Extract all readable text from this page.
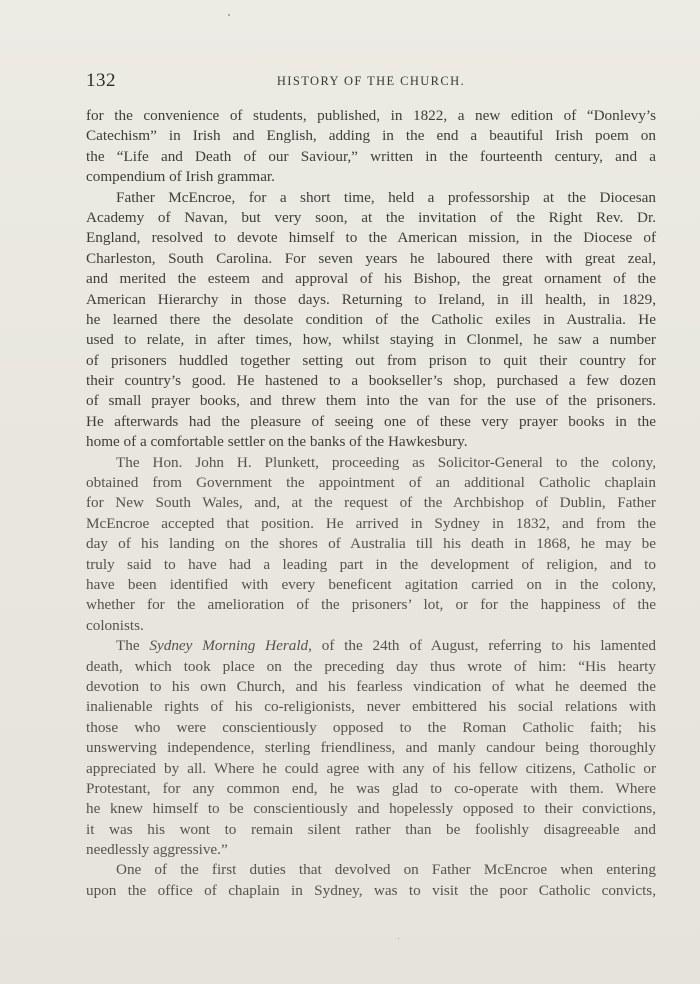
132	HISTORY OF THE CHURCH.
for the convenience of students, published, in 1822, a new edition of “Donlevy’s
Catechism” in Irish and English, adding in the end a beautiful Irish poem on
the “Life and Death of our Saviour,” written in the fourteenth century, and a
compendium of Irish grammar.
Father McEncroe, for a short time, held a professorship at the Diocesan
Academy of Navan, but very soon, at the invitation of the Right Rev. Dr.
England, resolved to devote himself to the American mission, in the Diocese of
Charleston, South Carolina. For seven years he laboured there with great zeal,
and merited the esteem and approval of his Bishop, the great ornament of the
American Hierarchy in those days. Returning to Ireland, in ill health, in 1829,
he learned there the desolate condition of the Catholic exiles in Australia. He
used to relate, in after times, how, whilst staying in Clonmel, he saw a number
of prisoners huddled together setting out from prison to quit their country for
their country’s good. He hastened to a bookseller’s shop, purchased a few dozen
of small prayer books, and threw them into the van for the use of the prisoners.
He afterwards had the pleasure of seeing one of these very prayer books in the
home of a comfortable settler on the banks of the Hawkesbury.
The Hon. John H. Plunkett, proceeding as Solicitor-General to the colony,
obtained from Government the appointment of an additional Catholic chaplain
for New South Wales, and, at the request of the Archbishop of Dublin, Father
McEncroe accepted that position. He arrived in Sydney in 1832, and from the
day of his landing on the shores of Australia till his death in 1868, he may be
truly said to have had a leading part in the development of religion, and to
have been identified with every beneficent agitation carried on in the colony,
whether for the amelioration of the prisoners’ lot, or for the happiness of the
colonists.
The Sydney Morning Herald, of the 24th of August, referring to his lamented
death, which took place on the preceding day thus wrote of him: “His hearty
devotion to his own Church, and his fearless vindication of what he deemed the
inalienable rights of his co-religionists, never embittered his social relations with
those who were conscientiously opposed to the Roman Catholic faith; his
unswerving independence, sterling friendliness, and manly candour being thoroughly
appreciated by all. Where he could agree with any of his fellow citizens, Catholic or
Protestant, for any common end, he was glad to co-operate with them. Where
he knew himself to be conscientiously and hopelessly opposed to their convictions,
it was his wont to remain silent rather than be foolishly disagreeable and
needlessly aggressive.”
One of the first duties that devolved on Father McEncroe when entering
upon the office of chaplain in Sydney, was to visit the poor Catholic convicts,
